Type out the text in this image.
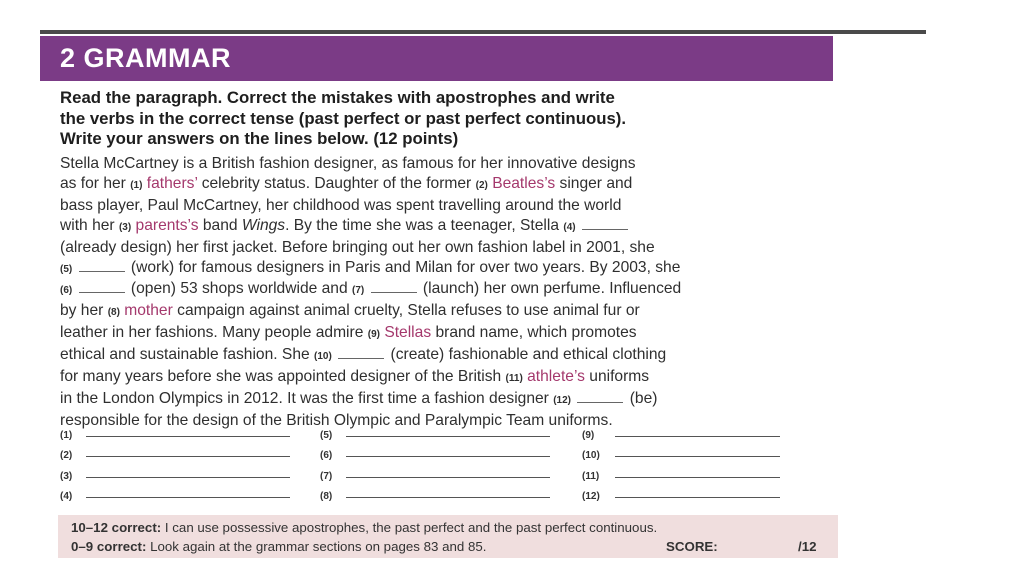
2 GRAMMAR
Read the paragraph. Correct the mistakes with apostrophes and write
the verbs in the correct tense (past perfect or past perfect continuous).
Write your answers on the lines below. (12 points)
Stella McCartney is a British fashion designer, as famous for her innovative designs
as for her (1) fathers’ celebrity status. Daughter of the former (2) Beatles’s singer and
bass player, Paul McCartney, her childhood was spent travelling around the world
with her (3) parents’s band Wings. By the time she was a teenager, Stella (4)
(already design) her first jacket. Before bringing out her own fashion label in 2001, she
(5)	(work) for famous designers in Paris and Milan for over two years. By 2003, she
(6)	(open) 53 shops worldwide and (7)	(launch) her own perfume. Influenced
by her (8) mother campaign against animal cruelty, Stella refuses to use animal fur or
leather in her fashions. Many people admire (9) Stellas brand name, which promotes
ethical and sustainable fashion. She (10)	(create) fashionable and ethical clothing
for many years before she was appointed designer of the British (11) athlete’s uniforms
in the London Olympics in 2012. It was the first time a fashion designer (12)	(be)
responsible for the design of the British Olympic and Paralympic Team uniforms.
(1)
(2)
(3)
(4)
(5)
(6)
(7)
(8)
(9)
(10)
(11)
(12)
10–12 correct: I can use possessive apostrophes, the past perfect and the past perfect continuous.
0–9 correct: Look again at the grammar sections on pages 83 and 85.	SCORE:	/12
